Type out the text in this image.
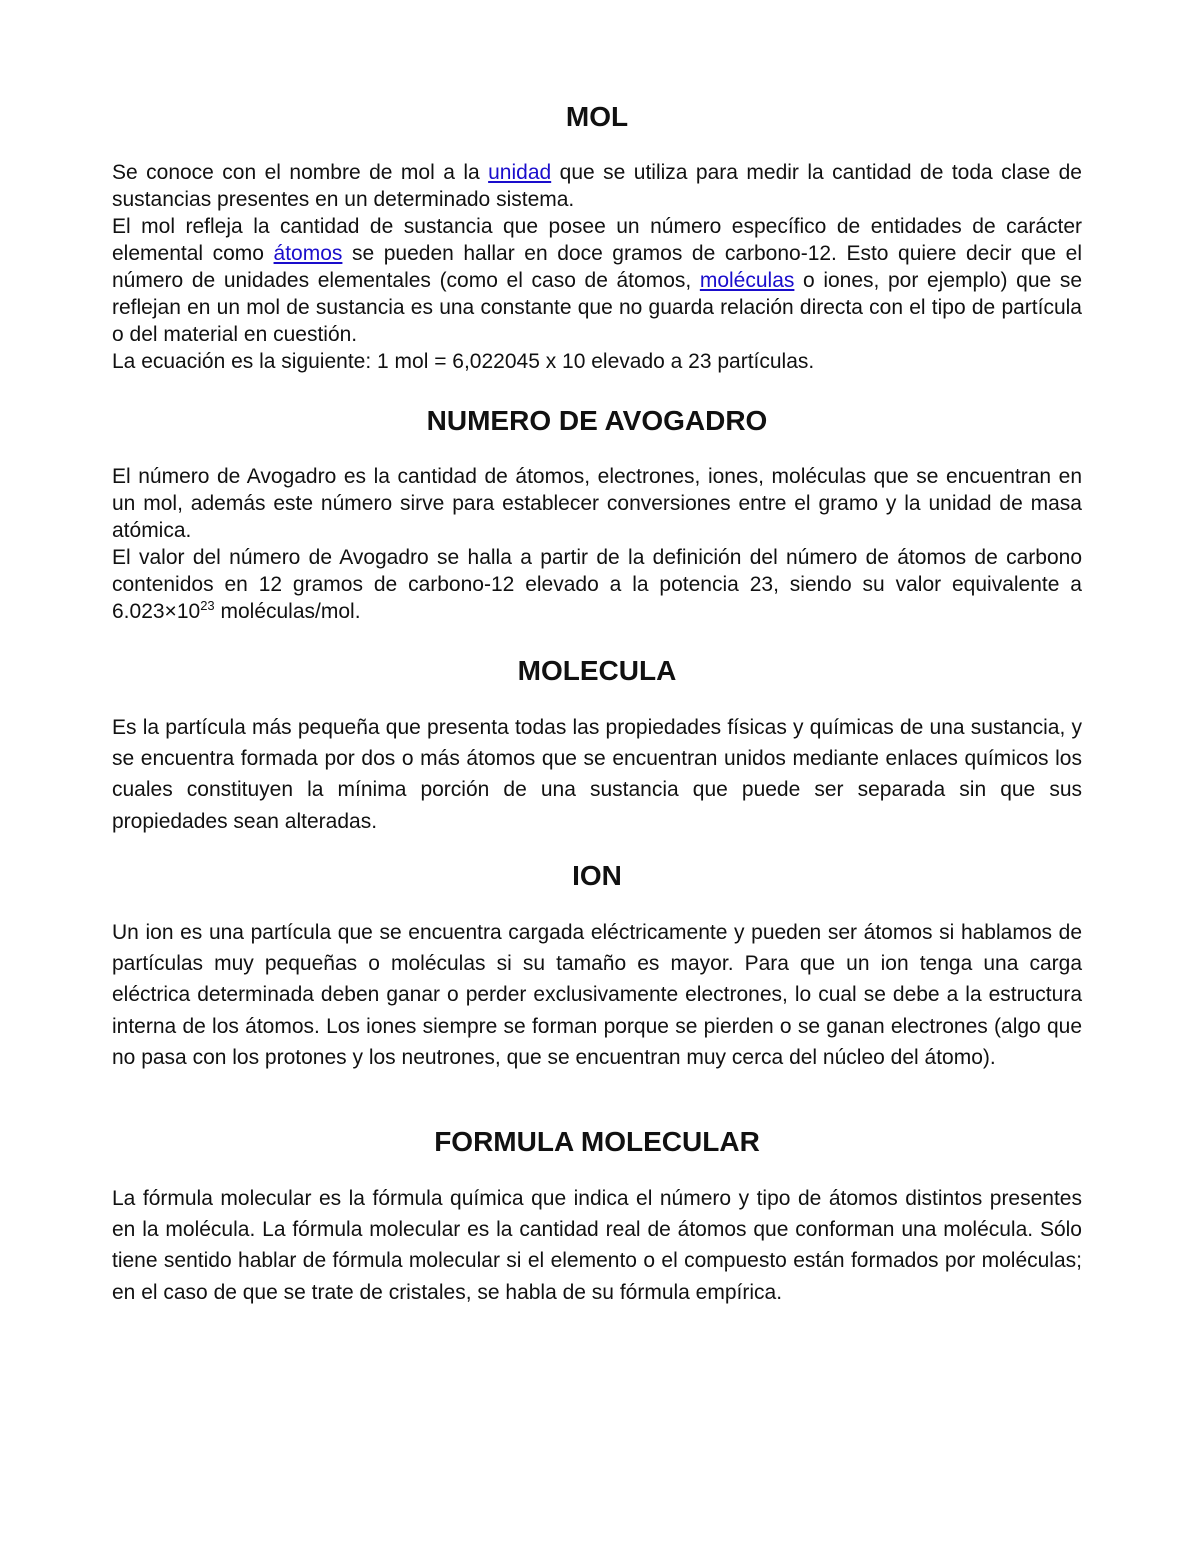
MOL

Se conoce con el nombre de mol a la unidad que se utiliza para medir la cantidad de toda clase de sustancias presentes en un determinado sistema.

El mol refleja la cantidad de sustancia que posee un número específico de entidades de carácter elemental como átomos se pueden hallar en doce gramos de carbono-12. Esto quiere decir que el número de unidades elementales (como el caso de átomos, moléculas o iones, por ejemplo) que se reflejan en un mol de sustancia es una constante que no guarda relación directa con el tipo de partícula o del material en cuestión.

La ecuación es la siguiente: 1 mol = 6,022045 x 10 elevado a 23 partículas.

NUMERO DE AVOGADRO

El número de Avogadro es la cantidad de átomos, electrones, iones, moléculas que se encuentran en un mol, además este número sirve para establecer conversiones entre el gramo y la unidad de masa atómica.

El valor del número de Avogadro se halla a partir de la definición del número de átomos de carbono contenidos en 12 gramos de carbono-12 elevado a la potencia 23, siendo su valor equivalente a $6.023\times 10^{23}$ moléculas/mol.

MOLECULA

Es la partícula más pequeña que presenta todas las propiedades físicas y químicas de una sustancia, y se encuentra formada por dos o más átomos que se encuentran unidos mediante enlaces químicos los cuales constituyen la mínima porción de una sustancia que puede ser separada sin que sus propiedades sean alteradas.

ION

Un ion es una partícula que se encuentra cargada eléctricamente y pueden ser átomos si hablamos de partículas muy pequeñas o moléculas si su tamaño es mayor. Para que un ion tenga una carga eléctrica determinada deben ganar o perder exclusivamente electrones, lo cual se debe a la estructura interna de los átomos. Los iones siempre se forman porque se pierden o se ganan electrones (algo que no pasa con los protones y los neutrones, que se encuentran muy cerca del núcleo del átomo).

FORMULA MOLECULAR

La fórmula molecular es la fórmula química que indica el número y tipo de átomos distintos presentes en la molécula. La fórmula molecular es la cantidad real de átomos que conforman una molécula. Sólo tiene sentido hablar de fórmula molecular si el elemento o el compuesto están formados por moléculas; en el caso de que se trate de cristales, se habla de su fórmula empírica.
